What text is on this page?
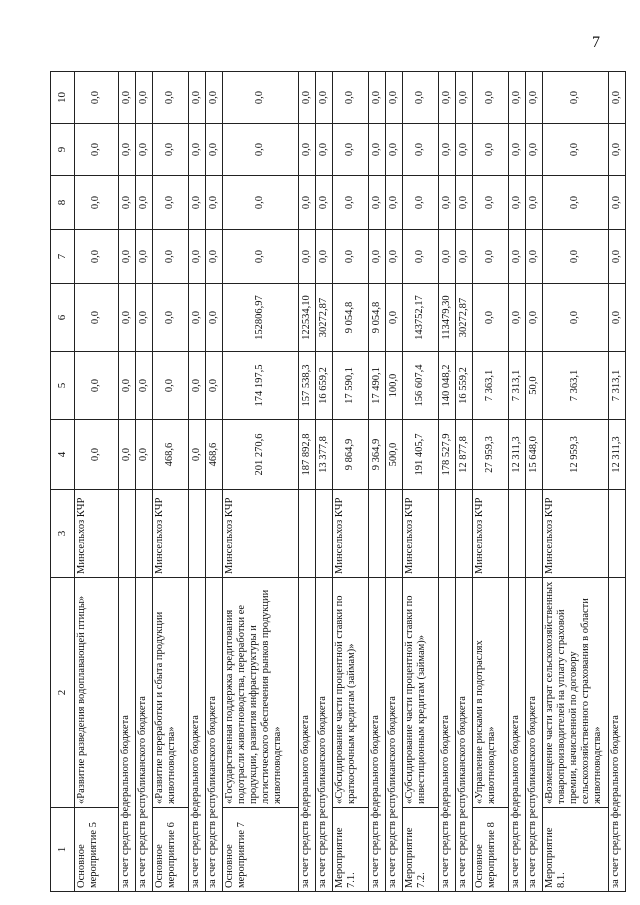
7
1	2	3	4	5	6	7	8	9	10
Основное мероприятие 5	«Развитие разведения водоплавающей птицы»	Минсельхоз КЧР	0,0	0,0	0,0	0,0	0,0	0,0	0,0
за счет средств федерального бюджета			0,0	0,0	0,0	0,0	0,0	0,0	0,0
за счет средств республиканского бюджета			0,0	0,0	0,0	0,0	0,0	0,0	0,0
Основное мероприятие 6	«Развитие переработки и сбыта продукции животноводства»	Минсельхоз КЧР	468,6	0,0	0,0	0,0	0,0	0,0	0,0
за счет средств федерального бюджета			0,0	0,0	0,0	0,0	0,0	0,0	0,0
за счет средств республиканского бюджета			468,6	0,0	0,0	0,0	0,0	0,0	0,0
Основное мероприятие 7	«Государственная поддержка кредитования подотрасли животноводства, переработки ее продукции, развития инфраструктуры и логистического обеспечения рынков продукции животноводства»	Минсельхоз КЧР	201 270,6	174 197,5	152806,97	0,0	0,0	0,0	0,0
за счет средств федерального бюджета			187 892,8	157 538,3	122534,10	0,0	0,0	0,0	0,0
за счет средств республиканского бюджета			13 377,8	16 659,2	30272,87	0,0	0,0	0,0	0,0
Мероприятие 7.1.	«Субсидирование части процентной ставки по краткосрочным кредитам (займам)»	Минсельхоз КЧР	9 864,9	17 590,1	9 054,8	0,0	0,0	0,0	0,0
за счет средств федерального бюджета			9 364,9	17 490,1	9 054,8	0,0	0,0	0,0	0,0
за счет средств республиканского бюджета			500,0	100,0	0,0	0,0	0,0	0,0	0,0
Мероприятие 7.2.	«Субсидирование части процентной ставки по инвестиционным кредитам (займам)»	Минсельхоз КЧР	191 405,7	156 607,4	143752,17	0,0	0,0	0,0	0,0
за счет средств федерального бюджета			178 527,9	140 048,2	113479,30	0,0	0,0	0,0	0,0
за счет средств республиканского бюджета			12 877,8	16 559,2	30272,87	0,0	0,0	0,0	0,0
Основное мероприятие 8	«Управление рисками в подотраслях животноводства»	Минсельхоз КЧР	27 959,3	7 363,1	0,0	0,0	0,0	0,0	0,0
за счет средств федерального бюджета			12 311,3	7 313,1	0,0	0,0	0,0	0,0	0,0
за счет средств республиканского бюджета			15 648,0	50,0	0,0	0,0	0,0	0,0	0,0
Мероприятие 8.1.	«Возмещение части затрат сельскохозяйственных товаропроизводителей на уплату страховой премии, начисленной по договору сельскохозяйственного страхования в области животноводства»	Минсельхоз КЧР	12 959,3	7 363,1	0,0	0,0	0,0	0,0	0,0
за счет средств федерального бюджета			12 311,3	7 313,1	0,0	0,0	0,0	0,0	0,0
